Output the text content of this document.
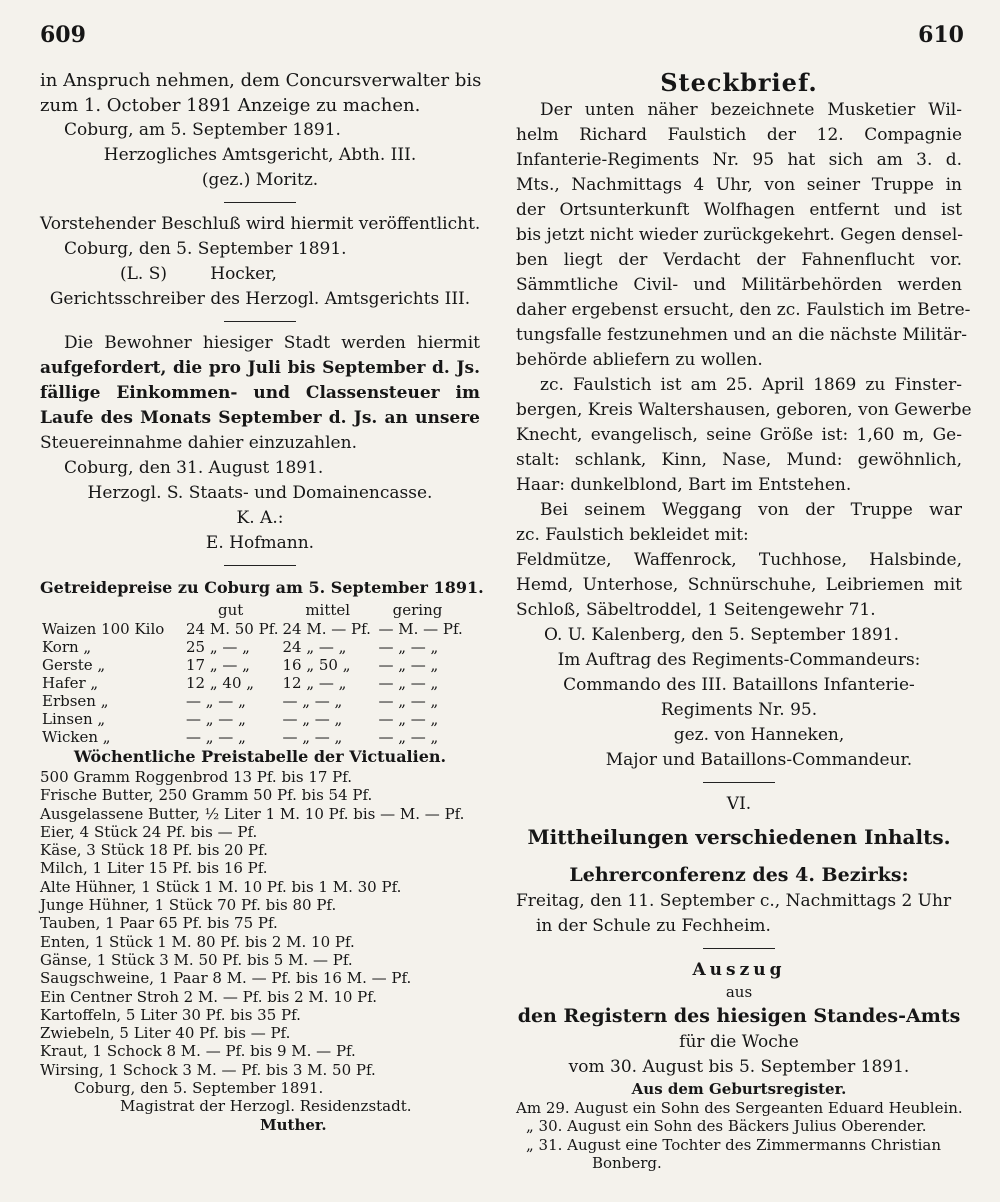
609	610

in Anspruch nehmen, dem Concursverwalter bis

zum 1. October 1891 Anzeige zu machen.

Coburg, am 5. September 1891.

Herzogliches Amtsgericht, Abth. III.

(gez.) Moritz.

Vorstehender Beschluß wird hiermit veröffentlicht.

Coburg, den 5. September 1891.

(L. S)        Hocker,

Gerichtsschreiber des Herzogl. Amtsgerichts III.

Die Bewohner hiesiger Stadt werden hiermit

aufgefordert, die pro Juli bis September d. Js.

fällige Einkommen- und Classensteuer im

Laufe des Monats September d. Js. an unsere

Steuereinnahme dahier einzuzahlen.

Coburg, den 31. August 1891.

Herzogl. S. Staats- und Domainencasse.

K. A.:

E. Hofmann.

Getreidepreise zu Coburg am 5. September 1891.

gut	mittel	gering
Waizen 100 Kilo	24 M. 50 Pf.	24 M. — Pf.	— M. — Pf.
Korn „	25 „ — „	24 „ — „	— „ — „
Gerste „	17 „ — „	16 „ 50 „	— „ — „
Hafer „	12 „ 40 „	12 „ — „	— „ — „
Erbsen „	— „ — „	— „ — „	— „ — „
Linsen „	— „ — „	— „ — „	— „ — „
Wicken „	— „ — „	— „ — „	— „ — „

Wöchentliche Preistabelle der Victualien.

500 Gramm Roggenbrod 13 Pf. bis 17 Pf.

Frische Butter, 250 Gramm 50 Pf. bis 54 Pf.

Ausgelassene Butter, ½ Liter 1 M. 10 Pf. bis — M. — Pf.

Eier, 4 Stück 24 Pf. bis — Pf.

Käse, 3 Stück 18 Pf. bis 20 Pf.

Milch, 1 Liter 15 Pf. bis 16 Pf.

Alte Hühner, 1 Stück 1 M. 10 Pf. bis 1 M. 30 Pf.

Junge Hühner, 1 Stück 70 Pf. bis 80 Pf.

Tauben, 1 Paar 65 Pf. bis 75 Pf.

Enten, 1 Stück 1 M. 80 Pf. bis 2 M. 10 Pf.

Gänse, 1 Stück 3 M. 50 Pf. bis 5 M. — Pf.

Saugschweine, 1 Paar 8 M. — Pf. bis 16 M. — Pf.

Ein Centner Stroh 2 M. — Pf. bis 2 M. 10 Pf.

Kartoffeln, 5 Liter 30 Pf. bis 35 Pf.

Zwiebeln, 5 Liter 40 Pf. bis — Pf.

Kraut, 1 Schock 8 M. — Pf. bis 9 M. — Pf.

Wirsing, 1 Schock 3 M. — Pf. bis 3 M. 50 Pf.

Coburg, den 5. September 1891.

Magistrat der Herzogl. Residenzstadt.

Muther.

Steckbrief.

Der unten näher bezeichnete Musketier Wil-

helm Richard Faulstich der 12. Compagnie

Infanterie-Regiments Nr. 95 hat sich am 3. d.

Mts., Nachmittags 4 Uhr, von seiner Truppe in

der Ortsunterkunft Wolfhagen entfernt und ist

bis jetzt nicht wieder zurückgekehrt. Gegen densel-

ben liegt der Verdacht der Fahnenflucht vor.

Sämmtliche Civil- und Militärbehörden werden

daher ergebenst ersucht, den zc. Faulstich im Betre-

tungsfalle festzunehmen und an die nächste Militär-

behörde abliefern zu wollen.

zc. Faulstich ist am 25. April 1869 zu Finster-

bergen, Kreis Waltershausen, geboren, von Gewerbe

Knecht, evangelisch, seine Größe ist: 1,60 m, Ge-

stalt: schlank, Kinn, Nase, Mund: gewöhnlich,

Haar: dunkelblond, Bart im Entstehen.

Bei seinem Weggang von der Truppe war

zc. Faulstich bekleidet mit:

Feldmütze, Waffenrock, Tuchhose, Halsbinde,

Hemd, Unterhose, Schnürschuhe, Leibriemen mit

Schloß, Säbeltroddel, 1 Seitengewehr 71.

O. U. Kalenberg, den 5. September 1891.

Im Auftrag des Regiments-Commandeurs:

Commando des III. Bataillons Infanterie-

Regiments Nr. 95.

gez. von Hanneken,

Major und Bataillons-Commandeur.

VI.

Mittheilungen verschiedenen Inhalts.

Lehrerconferenz des 4. Bezirks:

Freitag, den 11. September c., Nachmittags 2 Uhr

in der Schule zu Fechheim.

Auszug

aus

den Registern des hiesigen Standes-Amts

für die Woche

vom 30. August bis 5. September 1891.

Aus dem Geburtsregister.

Am 29. August ein Sohn des Sergeanten Eduard Heublein.

„ 30. August ein Sohn des Bäckers Julius Oberender.

„ 31. August eine Tochter des Zimmermanns Christian

Bonberg.
